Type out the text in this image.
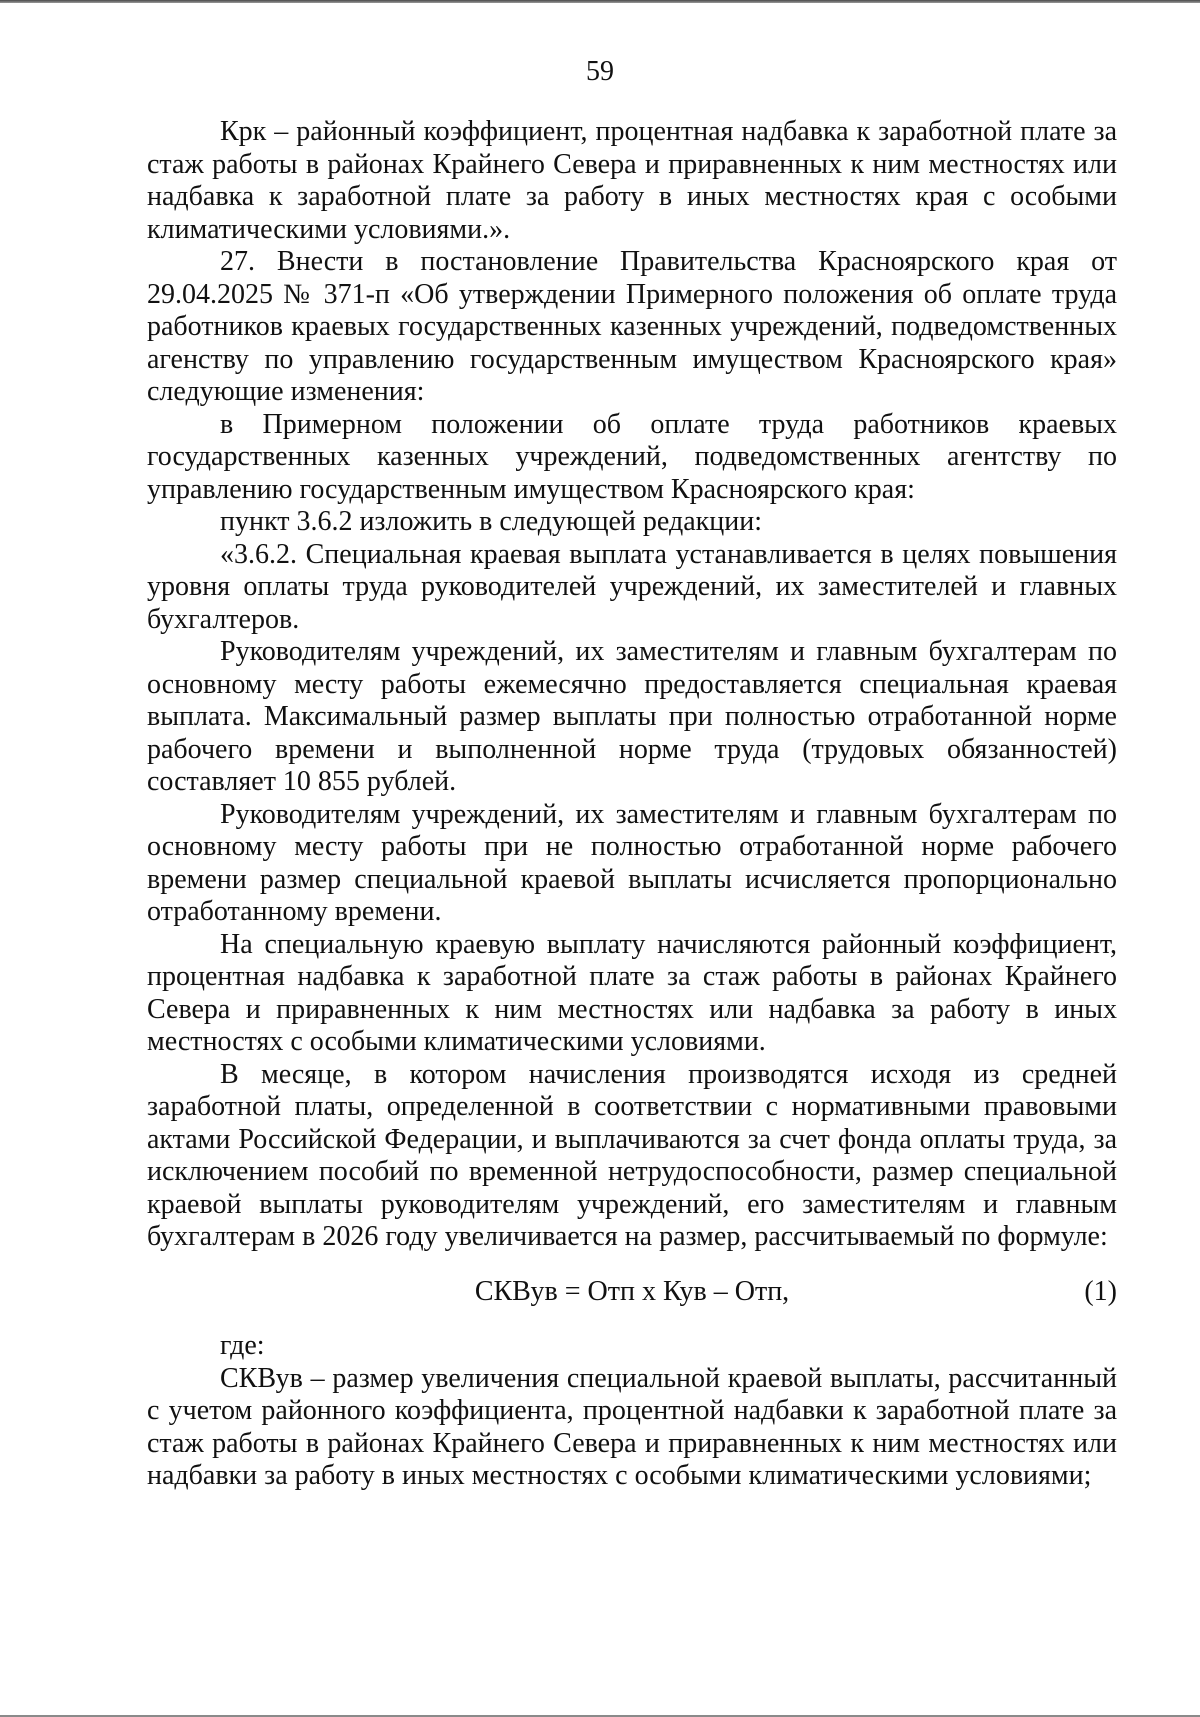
59

Крк – районный коэффициент, процентная надбавка к заработной плате за стаж работы в районах Крайнего Севера и приравненных к ним местностях или надбавка к заработной плате за работу в иных местностях края с особыми климатическими условиями.».

27. Внести в постановление Правительства Красноярского края от 29.04.2025 № 371-п «Об утверждении Примерного положения об оплате труда работников краевых государственных казенных учреждений, подведомственных агенству по управлению государственным имуществом Красноярского края» следующие изменения:

в Примерном положении об оплате труда работников краевых государственных казенных учреждений, подведомственных агентству по управлению государственным имуществом Красноярского края:

пункт 3.6.2 изложить в следующей редакции:

«3.6.2. Специальная краевая выплата устанавливается в целях повышения уровня оплаты труда руководителей учреждений, их заместителей и главных бухгалтеров.

Руководителям учреждений, их заместителям и главным бухгалтерам по основному месту работы ежемесячно предоставляется специальная краевая выплата. Максимальный размер выплаты при полностью отработанной норме рабочего времени и выполненной норме труда (трудовых обязанностей) составляет 10 855 рублей.

Руководителям учреждений, их заместителям и главным бухгалтерам по основному месту работы при не полностью отработанной норме рабочего времени размер специальной краевой выплаты исчисляется пропорционально отработанному времени.

На специальную краевую выплату начисляются районный коэффициент, процентная надбавка к заработной плате за стаж работы в районах Крайнего Севера и приравненных к ним местностях или надбавка за работу в иных местностях с особыми климатическими условиями.

В месяце, в котором начисления производятся исходя из средней заработной платы, определенной в соответствии с нормативными правовыми актами Российской Федерации, и выплачиваются за счет фонда оплаты труда, за исключением пособий по временной нетрудоспособности, размер специальной краевой выплаты руководителям учреждений, его заместителям и главным бухгалтерам в 2026 году увеличивается на размер, рассчитываемый по формуле:

СКВув = Отп х Кув – Отп,	(1)

где:

СКВув – размер увеличения специальной краевой выплаты, рассчитанный с учетом районного коэффициента, процентной надбавки к заработной плате за стаж работы в районах Крайнего Севера и приравненных к ним местностях или надбавки за работу в иных местностях с особыми климатическими условиями;
